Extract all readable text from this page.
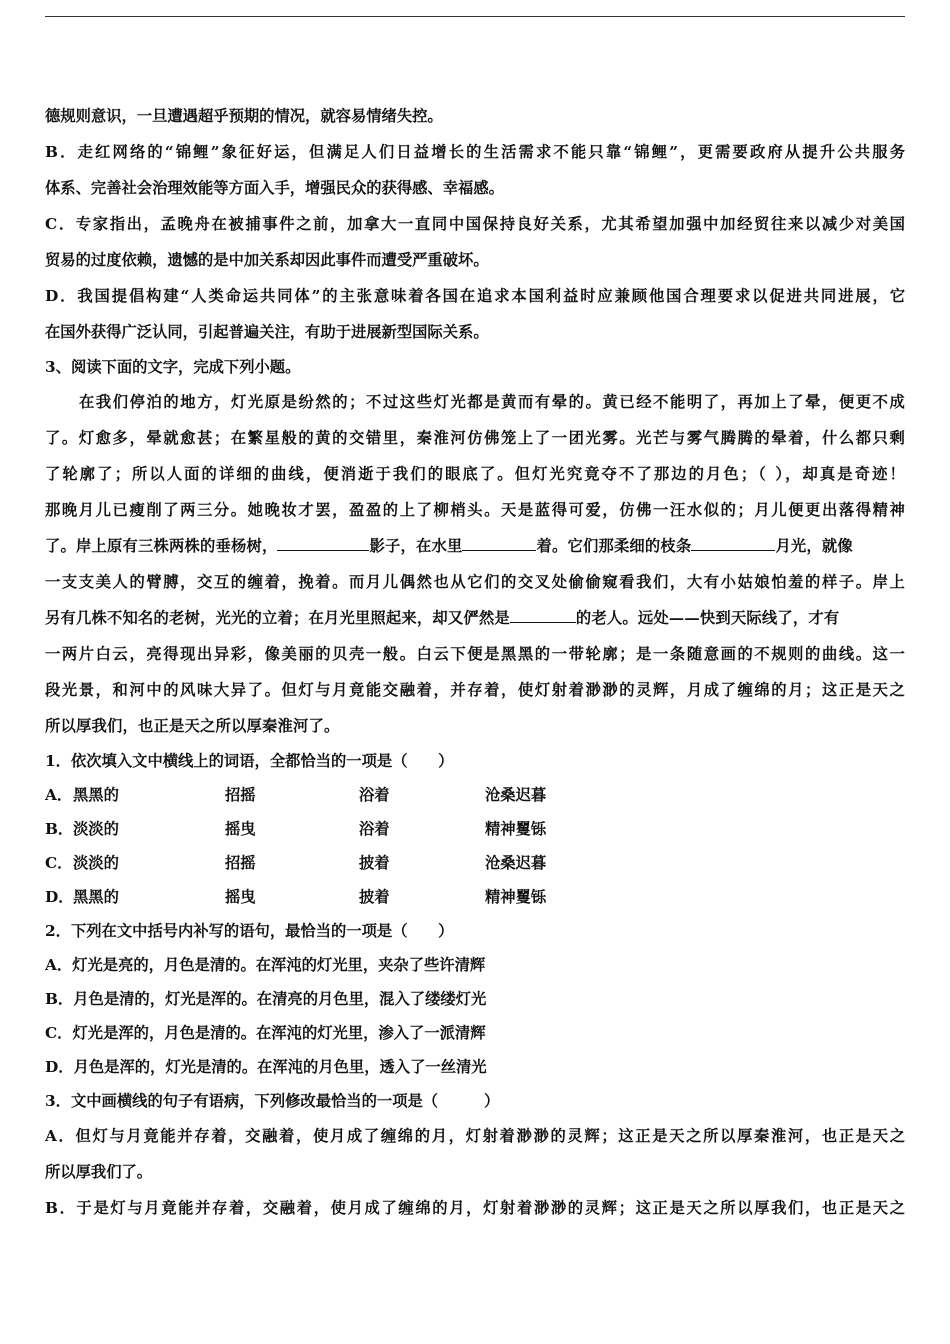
德规则意识，一旦遭遇超乎预期的情况，就容易情绪失控。
B．走红网络的“锦鲤”象征好运，但满足人们日益增长的生活需求不能只靠“锦鲤”，更需要政府从提升公共服务
体系、完善社会治理效能等方面入手，增强民众的获得感、幸福感。
C．专家指出，孟晚舟在被捕事件之前，加拿大一直同中国保持良好关系，尤其希望加强中加经贸往来以减少对美国
贸易的过度依赖，遗憾的是中加关系却因此事件而遭受严重破坏。
D．我国提倡构建“人类命运共同体”的主张意味着各国在追求本国利益时应兼顾他国合理要求以促进共同进展，它
在国外获得广泛认同，引起普遍关注，有助于进展新型国际关系。
3、阅读下面的文字，完成下列小题。
在我们停泊的地方，灯光原是纷然的；不过这些灯光都是黄而有晕的。黄已经不能明了，再加上了晕，便更不成
了。灯愈多，晕就愈甚；在繁星般的黄的交错里，秦淮河仿佛笼上了一团光雾。光芒与雾气腾腾的晕着，什么都只剩
了轮廓了；所以人面的详细的曲线，便消逝于我们的眼底了。但灯光究竟夺不了那边的月色；（ ），却真是奇迹！
那晚月儿已瘦削了两三分。她晚妆才罢，盈盈的上了柳梢头。天是蓝得可爱，仿佛一汪水似的；月儿便更出落得精神
了。岸上原有三株两株的垂杨树，	影子，在水里	着。它们那柔细的枝条	月光，就像
一支支美人的臂膊，交互的缠着，挽着。而月儿偶然也从它们的交叉处偷偷窥看我们，大有小姑娘怕羞的样子。岸上
另有几株不知名的老树，光光的立着；在月光里照起来，却又俨然是	的老人。远处——快到天际线了，才有
一两片白云，亮得现出异彩，像美丽的贝壳一般。白云下便是黑黑的一带轮廓；是一条随意画的不规则的曲线。这一
段光景，和河中的风味大异了。但灯与月竟能交融着，并存着，使灯射着渺渺的灵辉，月成了缠绵的月；这正是天之
所以厚我们，也正是天之所以厚秦淮河了。
1．依次填入文中横线上的词语，全都恰当的一项是（　　）
A． 黑黑的	招摇	浴着	沧桑迟暮
B． 淡淡的	摇曳	浴着	精神矍铄
C． 淡淡的	招摇	披着	沧桑迟暮
D． 黑黑的	摇曳	披着	精神矍铄
2．下列在文中括号内补写的语句，最恰当的一项是（　　）
A．灯光是亮的，月色是清的。在浑沌的灯光里，夹杂了些许清辉
B．月色是清的，灯光是浑的。在清亮的月色里，混入了缕缕灯光
C．灯光是浑的，月色是清的。在浑沌的灯光里，渗入了一派清辉
D．月色是浑的，灯光是清的。在浑沌的月色里，透入了一丝清光
3．文中画横线的句子有语病，下列修改最恰当的一项是（　　　）
A．但灯与月竟能并存着，交融着，使月成了缠绵的月，灯射着渺渺的灵辉；这正是天之所以厚秦淮河，也正是天之
所以厚我们了。
B．于是灯与月竟能并存着，交融着，使月成了缠绵的月，灯射着渺渺的灵辉；这正是天之所以厚我们，也正是天之
